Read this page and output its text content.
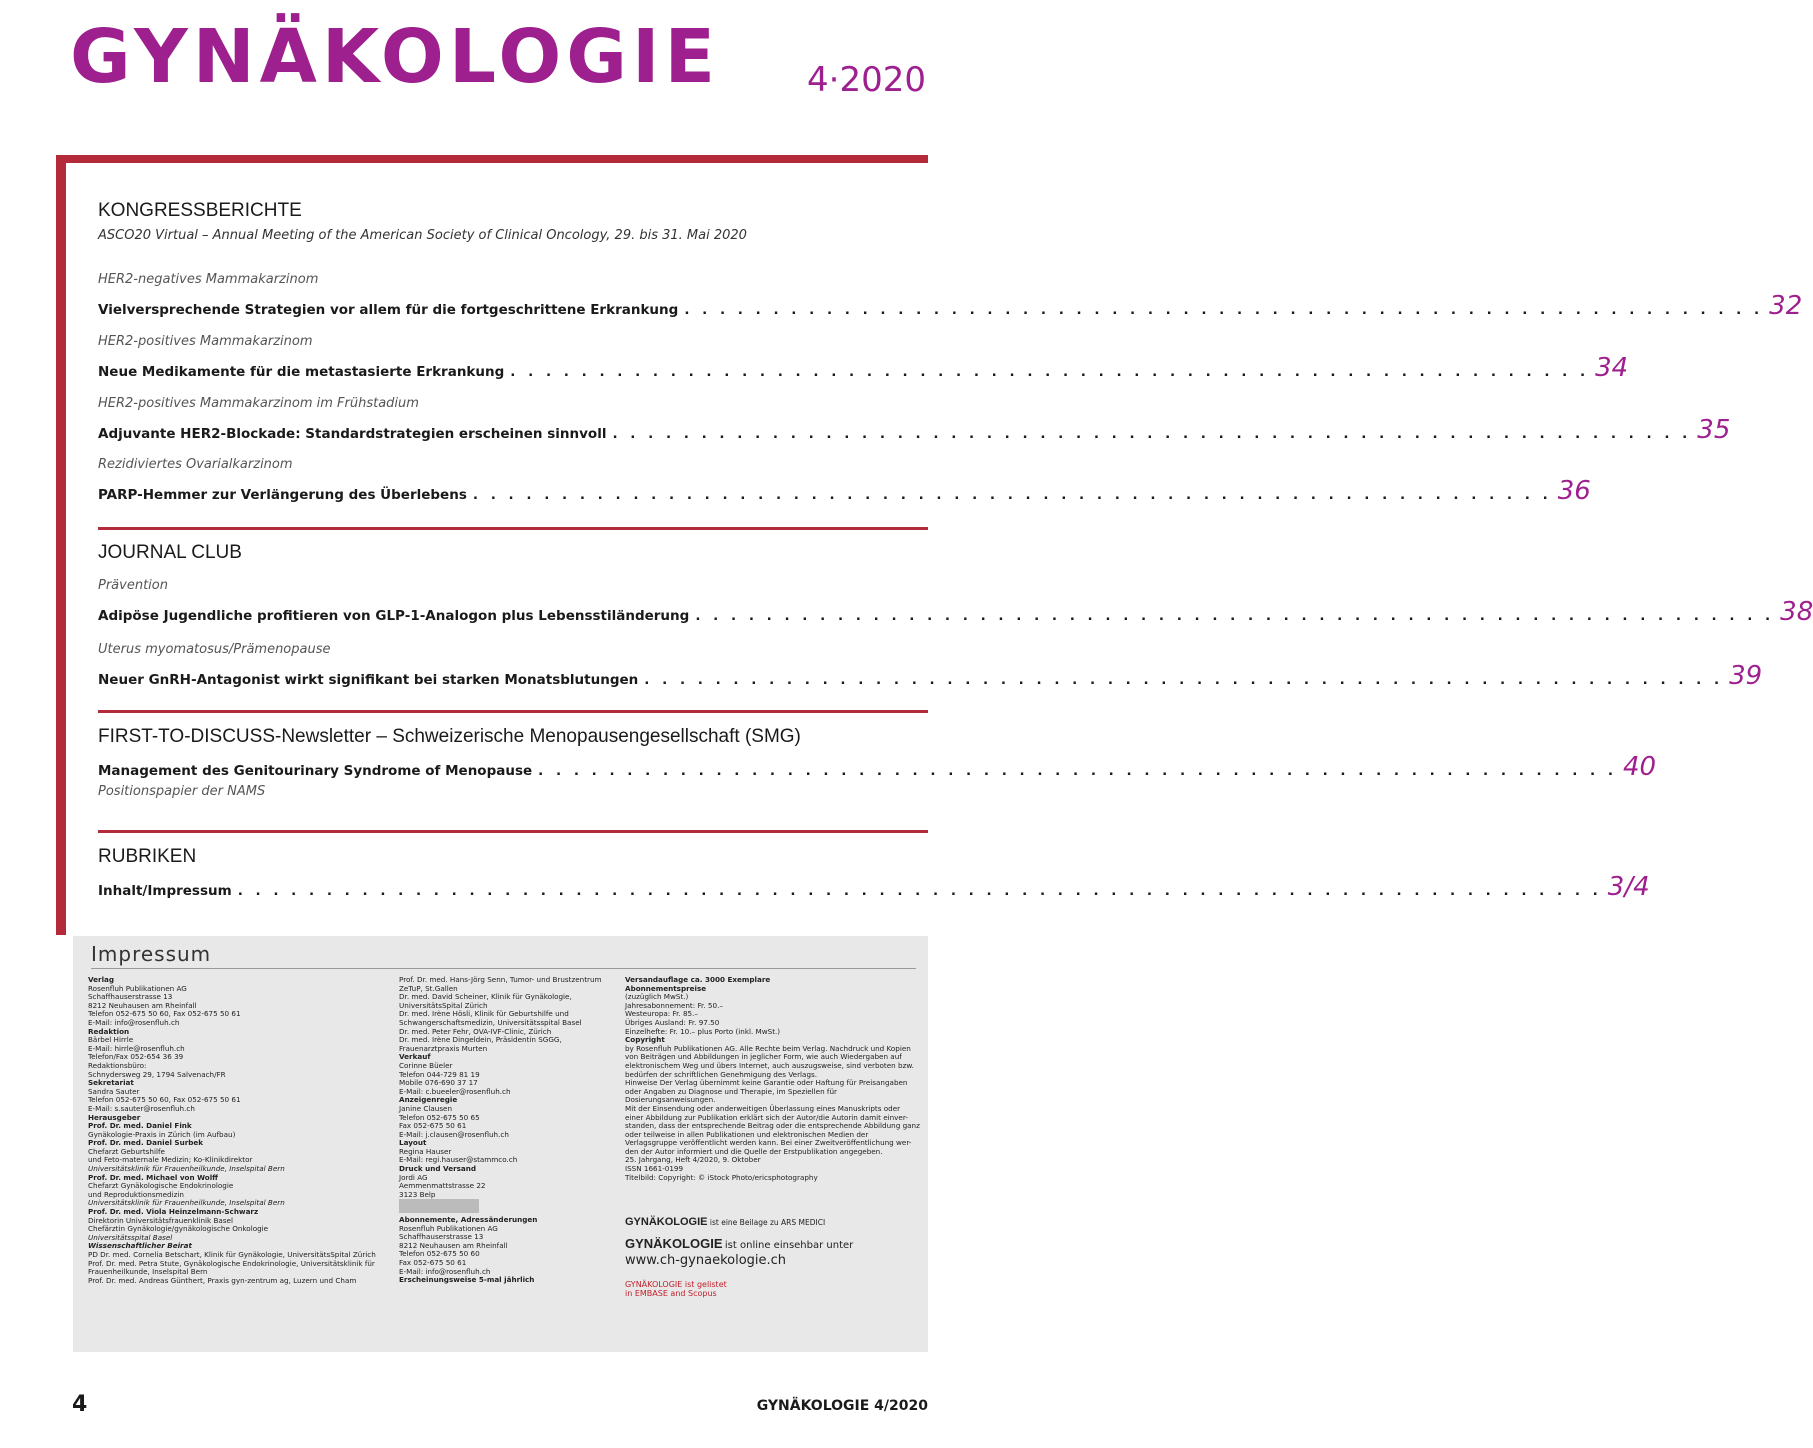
GYNÄKOLOGIE	4·2020
KONGRESSBERICHTE
ASCO20 Virtual – Annual Meeting of the American Society of Clinical Oncology, 29. bis 31. Mai 2020
HER2-negatives Mammakarzinom
Vielversprechende Strategien vor allem für die fortgeschrittene Erkrankung . . . . . . . . . . . . . . . . . . . . . . . . . . . . . . . . . . . . . . . . . . . . . . . . . . . . . . . . . . . . . 32
HER2-positives Mammakarzinom
Neue Medikamente für die metastasierte Erkrankung . . . . . . . . . . . . . . . . . . . . . . . . . . . . . . . . . . . . . . . . . . . . . . . . . . . . . . . . . . . . . 34
HER2-positives Mammakarzinom im Frühstadium
Adjuvante HER2-Blockade: Standardstrategien erscheinen sinnvoll . . . . . . . . . . . . . . . . . . . . . . . . . . . . . . . . . . . . . . . . . . . . . . . . . . . . . . . . . . . . . 35
Rezidiviertes Ovarialkarzinom
PARP-Hemmer zur Verlängerung des Überlebens . . . . . . . . . . . . . . . . . . . . . . . . . . . . . . . . . . . . . . . . . . . . . . . . . . . . . . . . . . . . . 36
JOURNAL CLUB
Prävention
Adipöse Jugendliche profitieren von GLP-1-Analogon plus Lebensstiländerung . . . . . . . . . . . . . . . . . . . . . . . . . . . . . . . . . . . . . . . . . . . . . . . . . . . . . . . . . . . . . 38
Uterus myomatosus/Prämenopause
Neuer GnRH-Antagonist wirkt signifikant bei starken Monatsblutungen . . . . . . . . . . . . . . . . . . . . . . . . . . . . . . . . . . . . . . . . . . . . . . . . . . . . . . . . . . . . . 39
FIRST-TO-DISCUSS-Newsletter – Schweizerische Menopausengesellschaft (SMG)
Management des Genitourinary Syndrome of Menopause . . . . . . . . . . . . . . . . . . . . . . . . . . . . . . . . . . . . . . . . . . . . . . . . . . . . . . . . . . . . . 40
Positionspapier der NAMS
RUBRIKEN
Inhalt/Impressum . . . . . . . . . . . . . . . . . . . . . . . . . . . . . . . . . . . . . . . . . . . . . . . . . . . . . . . . . . . . . . . . . . . . . . . . . . . . . 3/4
Impressum
Verlag
Rosenfluh Publikationen AG
Schaffhauserstrasse 13
8212 Neuhausen am Rheinfall
Telefon 052-675 50 60, Fax 052-675 50 61
E-Mail: info@rosenfluh.ch
Redaktion
Bärbel Hirrle
E-Mail: hirrle@rosenfluh.ch
Telefon/Fax 052-654 36 39
Redaktionsbüro:
Schnydersweg 29, 1794 Salvenach/FR
Sekretariat
Sandra Sauter
Telefon 052-675 50 60, Fax 052-675 50 61
E-Mail: s.sauter@rosenfluh.ch
Herausgeber
Prof. Dr. med. Daniel Fink
Gynäkologie-Praxis in Zürich (im Aufbau)
Prof. Dr. med. Daniel Surbek
Chefarzt Geburtshilfe
und Feto-maternale Medizin; Ko-Klinikdirektor
Universitätsklinik für Frauenheilkunde, Inselspital Bern
Prof. Dr. med. Michael von Wolff
Chefarzt Gynäkologische Endokrinologie
und Reproduktionsmedizin
Universitätsklinik für Frauenheilkunde, Inselspital Bern
Prof. Dr. med. Viola Heinzelmann-Schwarz
Direktorin Universitätsfrauenklinik Basel
Chefärztin Gynäkologie/gynäkologische Onkologie
Universitätsspital Basel
Wissenschaftlicher Beirat
PD Dr. med. Cornelia Betschart, Klinik für Gynäkologie, UniversitätsSpital Zürich
Prof. Dr. med. Petra Stute, Gynäkologische Endokrinologie, Universitätsklinik für
Frauenheilkunde, Inselspital Bern
Prof. Dr. med. Andreas Günthert, Praxis gyn-zentrum ag, Luzern und Cham
Prof. Dr. med. Hans-Jörg Senn, Tumor- und Brustzentrum
ZeTuP, St.Gallen
Dr. med. David Scheiner, Klinik für Gynäkologie,
UniversitätsSpital Zürich
Dr. med. Irène Hösli, Klinik für Geburtshilfe und
Schwangerschaftsmedizin, Universitätsspital Basel
Dr. med. Peter Fehr, OVA-IVF-Clinic, Zürich
Dr. med. Irène Dingeldein, Präsidentin SGGG,
Frauenarztpraxis Murten
Verkauf
Corinne Büeler
Telefon 044-729 81 19
Mobile 076-690 37 17
E-Mail: c.bueeler@rosenfluh.ch
Anzeigenregie
Janine Clausen
Telefon 052-675 50 65
Fax 052-675 50 61
E-Mail: j.clausen@rosenfluh.ch
Layout
Regina Hauser
E-Mail: regi.hauser@stammco.ch
Druck und Versand
Jordi AG
Aemmenmattstrasse 22
3123 Belp
Abonnemente, Adressänderungen
Rosenfluh Publikationen AG
Schaffhauserstrasse 13
8212 Neuhausen am Rheinfall
Telefon 052-675 50 60
Fax 052-675 50 61
E-Mail: info@rosenfluh.ch
Erscheinungsweise 5-mal jährlich
Versandauflage ca. 3000 Exemplare
Abonnementspreise
(zuzüglich MwSt.)
Jahresabonnement: Fr. 50.–
Westeuropa: Fr. 85.–
Übriges Ausland: Fr. 97.50
Einzelhefte: Fr. 10.– plus Porto (inkl. MwSt.)
Copyright
by Rosenfluh Publikationen AG. Alle Rechte beim Verlag. Nachdruck und Kopien
von Beiträgen und Abbildungen in jeglicher Form, wie auch Wiedergaben auf
elektronischem Weg und übers Internet, auch auszugsweise, sind verboten bzw.
bedürfen der schriftlichen Genehmigung des Verlags.
Hinweise Der Verlag übernimmt keine Garantie oder Haftung für Preisangaben
oder Angaben zu Diagnose und Therapie, im Speziellen für Dosierungsanweisungen.
Mit der Einsendung oder anderweitigen Überlassung eines Manuskripts oder
einer Abbildung zur Publikation erklärt sich der Autor/die Autorin damit einver-
standen, dass der entsprechende Beitrag oder die entsprechende Abbildung ganz
oder teilweise in allen Publikationen und elektronischen Medien der
Verlagsgruppe veröffentlicht werden kann. Bei einer Zweitveröffentlichung wer-
den der Autor informiert und die Quelle der Erstpublikation angegeben.
25. Jahrgang, Heft 4/2020, 9. Oktober
ISSN 1661-0199
Titelbild: Copyright: © iStock Photo/ericsphotography
GYNÄKOLOGIE ist eine Beilage zu ARS MEDICI
GYNÄKOLOGIE ist online einsehbar unter
www.ch-gynaekologie.ch
GYNÄKOLOGIE ist gelistet
in EMBASE and Scopus
4	GYNÄKOLOGIE 4/2020
